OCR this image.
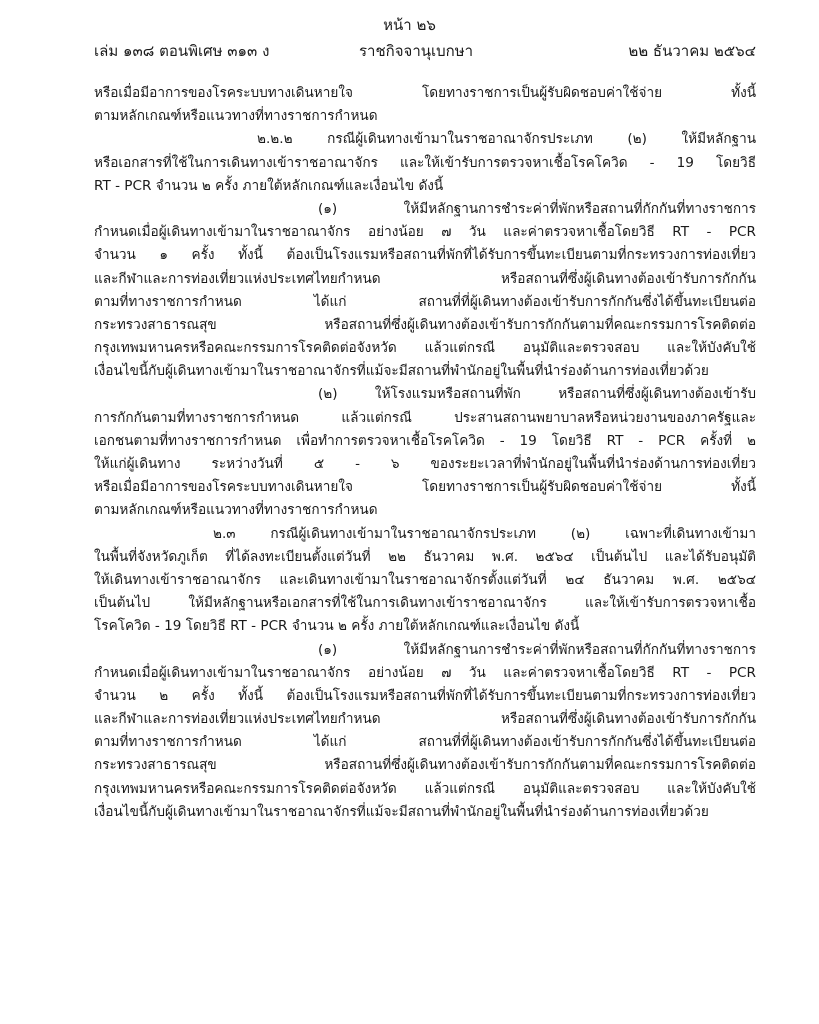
หน้า ๒๖
เล่ม ๑๓๘ ตอนพิเศษ ๓๑๓ ง	ราชกิจจานุเบกษา	๒๒ ธันวาคม ๒๕๖๔
หรือเมื่อมีอาการของโรคระบบทางเดินหายใจ โดยทางราชการเป็นผู้รับผิดชอบค่าใช้จ่าย ทั้งนี้
ตามหลักเกณฑ์หรือแนวทางที่ทางราชการกำหนด
๒.๒.๒ กรณีผู้เดินทางเข้ามาในราชอาณาจักรประเภท (๒) ให้มีหลักฐาน
หรือเอกสารที่ใช้ในการเดินทางเข้าราชอาณาจักร และให้เข้ารับการตรวจหาเชื้อโรคโควิด - 19 โดยวิธี
RT - PCR จำนวน ๒ ครั้ง ภายใต้หลักเกณฑ์และเงื่อนไข ดังนี้
(๑) ให้มีหลักฐานการชำระค่าที่พักหรือสถานที่กักกันที่ทางราชการ
กำหนดเมื่อผู้เดินทางเข้ามาในราชอาณาจักร อย่างน้อย ๗ วัน และค่าตรวจหาเชื้อโดยวิธี RT - PCR
จำนวน ๑ ครั้ง ทั้งนี้ ต้องเป็นโรงแรมหรือสถานที่พักที่ได้รับการขึ้นทะเบียนตามที่กระทรวงการท่องเที่ยว
และกีฬาและการท่องเที่ยวแห่งประเทศไทยกำหนด หรือสถานที่ซึ่งผู้เดินทางต้องเข้ารับการกักกัน
ตามที่ทางราชการกำหนด ได้แก่ สถานที่ที่ผู้เดินทางต้องเข้ารับการกักกันซึ่งได้ขึ้นทะเบียนต่อ
กระทรวงสาธารณสุข หรือสถานที่ซึ่งผู้เดินทางต้องเข้ารับการกักกันตามที่คณะกรรมการโรคติดต่อ
กรุงเทพมหานครหรือคณะกรรมการโรคติดต่อจังหวัด แล้วแต่กรณี อนุมัติและตรวจสอบ และให้บังคับใช้
เงื่อนไขนี้กับผู้เดินทางเข้ามาในราชอาณาจักรที่แม้จะมีสถานที่พำนักอยู่ในพื้นที่นำร่องด้านการท่องเที่ยวด้วย
(๒) ให้โรงแรมหรือสถานที่พัก หรือสถานที่ซึ่งผู้เดินทางต้องเข้ารับ
การกักกันตามที่ทางราชการกำหนด แล้วแต่กรณี ประสานสถานพยาบาลหรือหน่วยงานของภาครัฐและ
เอกชนตามที่ทางราชการกำหนด เพื่อทำการตรวจหาเชื้อโรคโควิด - 19 โดยวิธี RT - PCR ครั้งที่ ๒
ให้แก่ผู้เดินทาง ระหว่างวันที่ ๕ - ๖ ของระยะเวลาที่พำนักอยู่ในพื้นที่นำร่องด้านการท่องเที่ยว
หรือเมื่อมีอาการของโรคระบบทางเดินหายใจ โดยทางราชการเป็นผู้รับผิดชอบค่าใช้จ่าย ทั้งนี้
ตามหลักเกณฑ์หรือแนวทางที่ทางราชการกำหนด
๒.๓ กรณีผู้เดินทางเข้ามาในราชอาณาจักรประเภท (๒) เฉพาะที่เดินทางเข้ามา
ในพื้นที่จังหวัดภูเก็ต ที่ได้ลงทะเบียนตั้งแต่วันที่ ๒๒ ธันวาคม พ.ศ. ๒๕๖๔ เป็นต้นไป และได้รับอนุมัติ
ให้เดินทางเข้าราชอาณาจักร และเดินทางเข้ามาในราชอาณาจักรตั้งแต่วันที่ ๒๔ ธันวาคม พ.ศ. ๒๕๖๔
เป็นต้นไป ให้มีหลักฐานหรือเอกสารที่ใช้ในการเดินทางเข้าราชอาณาจักร และให้เข้ารับการตรวจหาเชื้อ
โรคโควิด - 19 โดยวิธี RT - PCR จำนวน ๒ ครั้ง ภายใต้หลักเกณฑ์และเงื่อนไข ดังนี้
(๑) ให้มีหลักฐานการชำระค่าที่พักหรือสถานที่กักกันที่ทางราชการ
กำหนดเมื่อผู้เดินทางเข้ามาในราชอาณาจักร อย่างน้อย ๗ วัน และค่าตรวจหาเชื้อโดยวิธี RT - PCR
จำนวน ๒ ครั้ง ทั้งนี้ ต้องเป็นโรงแรมหรือสถานที่พักที่ได้รับการขึ้นทะเบียนตามที่กระทรวงการท่องเที่ยว
และกีฬาและการท่องเที่ยวแห่งประเทศไทยกำหนด หรือสถานที่ซึ่งผู้เดินทางต้องเข้ารับการกักกัน
ตามที่ทางราชการกำหนด ได้แก่ สถานที่ที่ผู้เดินทางต้องเข้ารับการกักกันซึ่งได้ขึ้นทะเบียนต่อ
กระทรวงสาธารณสุข หรือสถานที่ซึ่งผู้เดินทางต้องเข้ารับการกักกันตามที่คณะกรรมการโรคติดต่อ
กรุงเทพมหานครหรือคณะกรรมการโรคติดต่อจังหวัด แล้วแต่กรณี อนุมัติและตรวจสอบ และให้บังคับใช้
เงื่อนไขนี้กับผู้เดินทางเข้ามาในราชอาณาจักรที่แม้จะมีสถานที่พำนักอยู่ในพื้นที่นำร่องด้านการท่องเที่ยวด้วย
